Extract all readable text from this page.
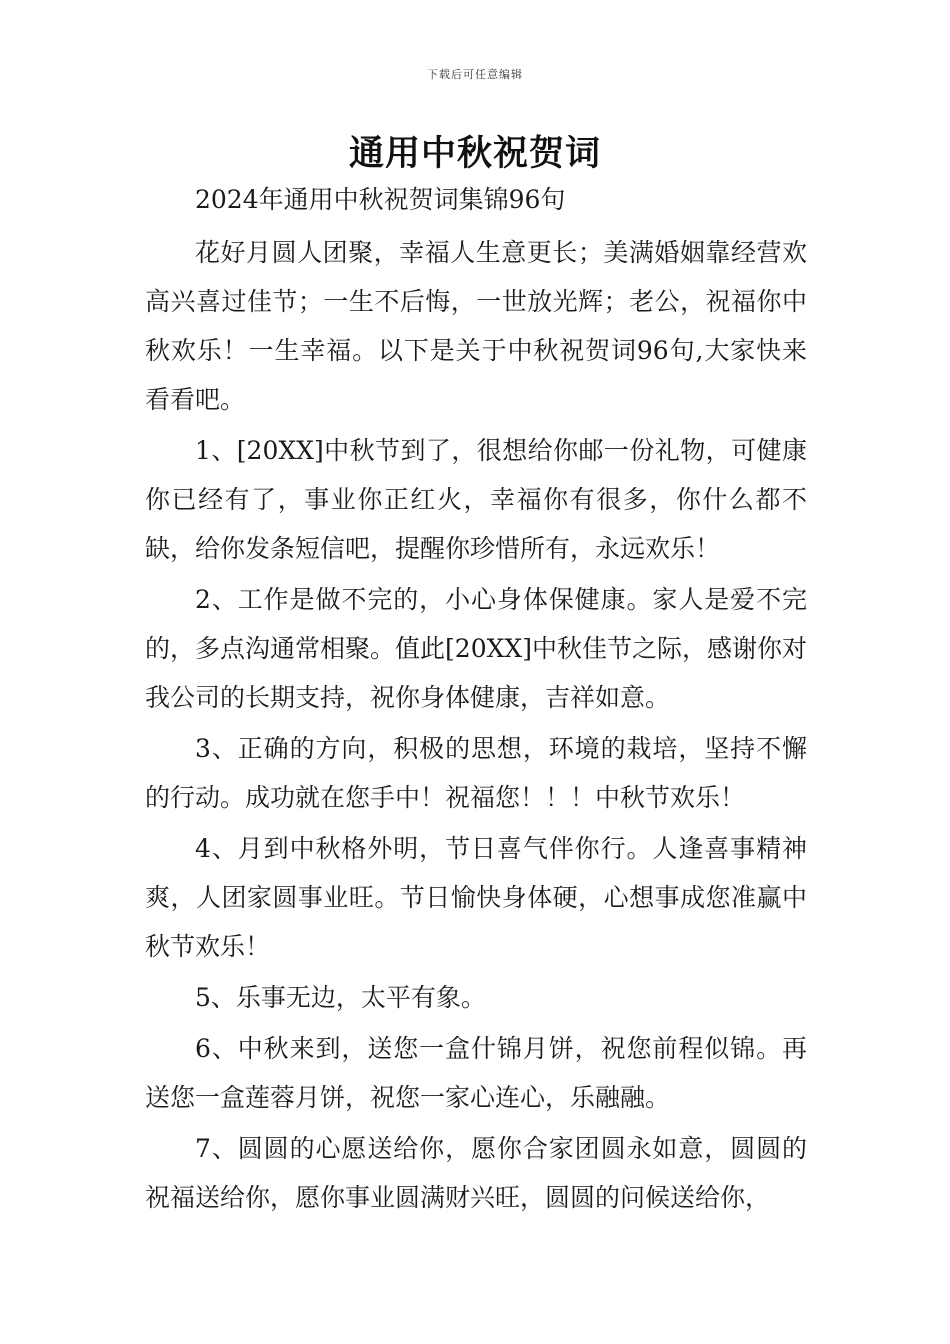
下载后可任意编辑
通用中秋祝贺词

2024年通用中秋祝贺词集锦96句

花好月圆人团聚，幸福人生意更长；美满婚姻靠经营欢高兴喜过佳节；一生不后悔，一世放光辉；老公，祝福你中秋欢乐！一生幸福。以下是关于中秋祝贺词96句,大家快来看看吧。

1、[20XX]中秋节到了，很想给你邮一份礼物，可健康你已经有了，事业你正红火，幸福你有很多，你什么都不缺，给你发条短信吧，提醒你珍惜所有，永远欢乐！

2、工作是做不完的，小心身体保健康。家人是爱不完的，多点沟通常相聚。值此[20XX]中秋佳节之际，感谢你对我公司的长期支持，祝你身体健康，吉祥如意。

3、正确的方向，积极的思想，环境的栽培，坚持不懈的行动。成功就在您手中！祝福您！！！中秋节欢乐！

4、月到中秋格外明，节日喜气伴你行。人逢喜事精神爽，人团家圆事业旺。节日愉快身体硬，心想事成您准赢中秋节欢乐！

5、乐事无边，太平有象。

6、中秋来到，送您一盒什锦月饼，祝您前程似锦。再送您一盒莲蓉月饼，祝您一家心连心，乐融融。

7、圆圆的心愿送给你，愿你合家团圆永如意，圆圆的祝福送给你，愿你事业圆满财兴旺，圆圆的问候送给你，
